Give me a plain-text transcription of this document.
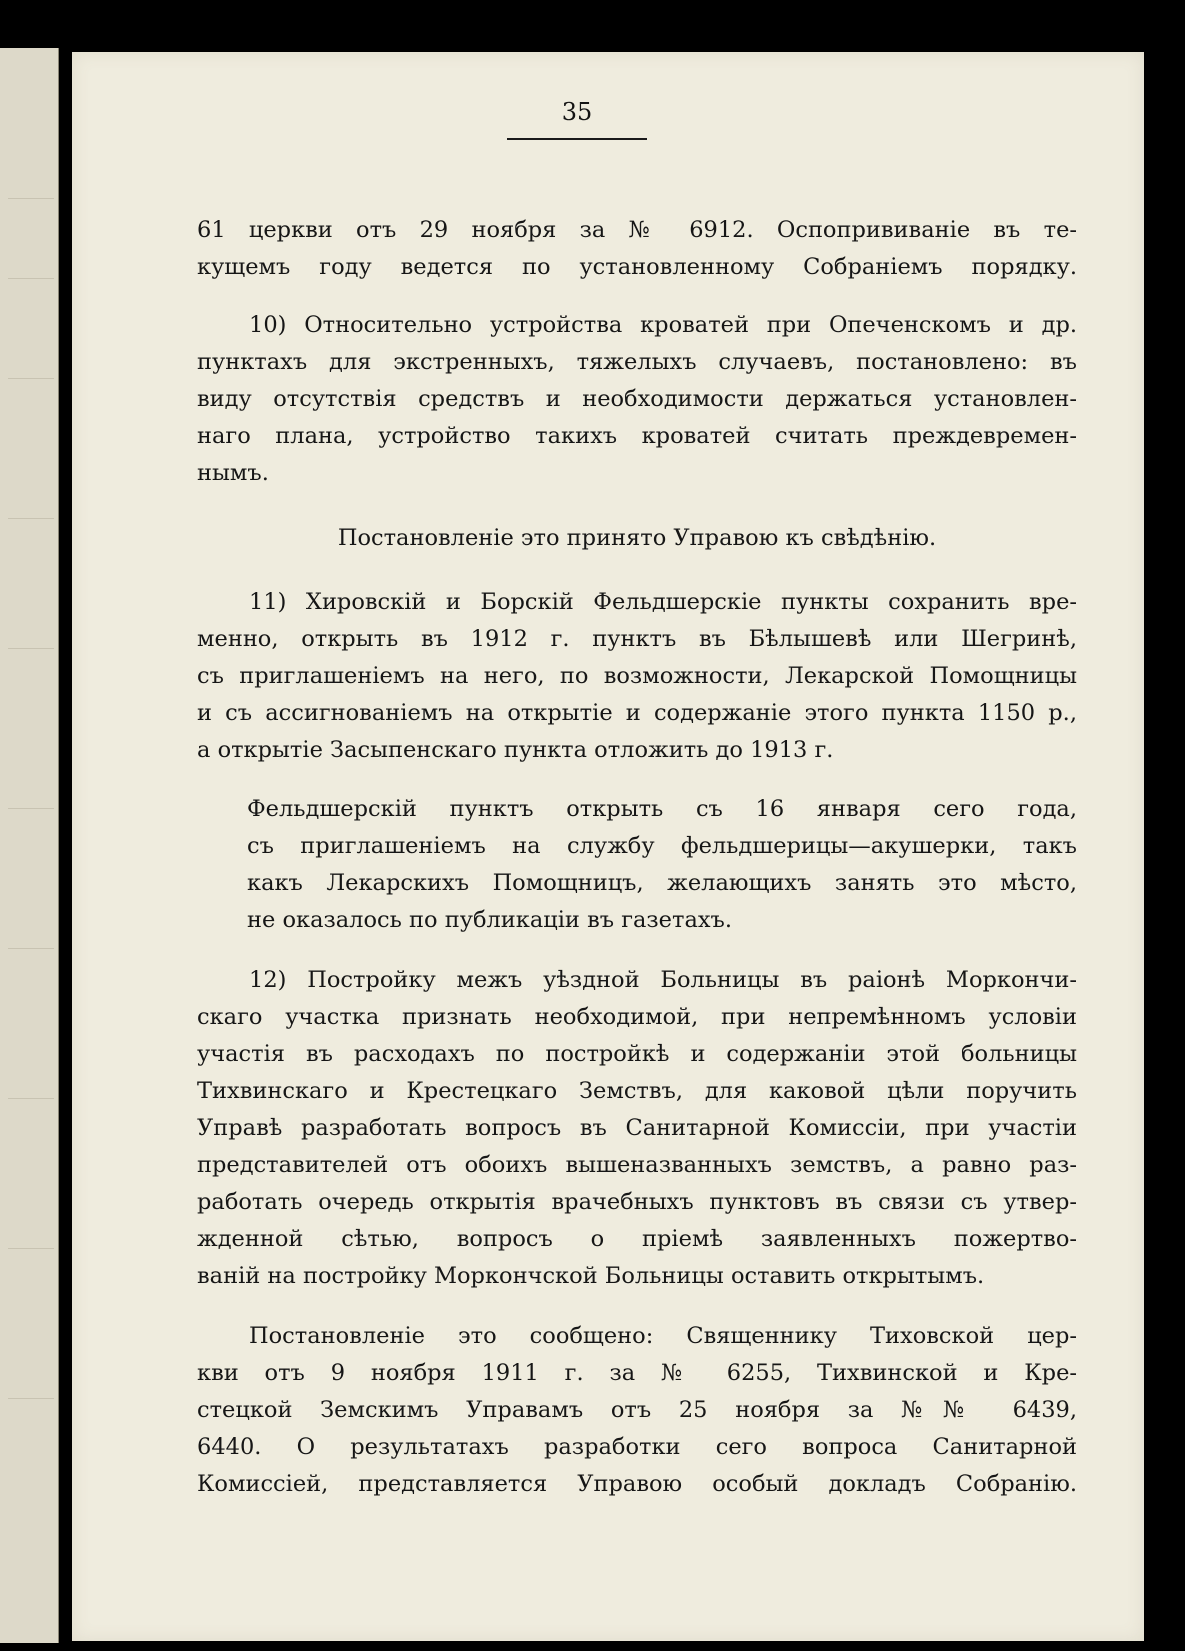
35
61 церкви отъ 29 ноября за № 6912. Оспопрививаніе въ те-
кущемъ году ведется по установленному Собраніемъ порядку.
10) Относительно устройства кроватей при Опеченскомъ и др.
пунктахъ для экстренныхъ, тяжелыхъ случаевъ, постановлено: въ
виду отсутствія средствъ и необходимости держаться установлен-
наго плана, устройство такихъ кроватей считать преждевремен-
нымъ.
Постановленіе это принято Управою къ свѣдѣнію.
11) Хировскій и Борскій Фельдшерскіе пункты сохранить вре-
менно, открыть въ 1912 г. пунктъ въ Бѣлышевѣ или Шегринѣ,
съ приглашеніемъ на него, по возможности, Лекарской Помощницы
и съ ассигнованіемъ на открытіе и содержаніе этого пункта 1150 р.,
а открытіе Засыпенскаго пункта отложить до 1913 г.
Фельдшерскій пунктъ открыть съ 16 января сего года,
съ приглашеніемъ на службу фельдшерицы—акушерки, такъ
какъ Лекарскихъ Помощницъ, желающихъ занять это мѣсто,
не оказалось по публикаціи въ газетахъ.
12) Постройку межъ уѣздной Больницы въ раіонѣ Моркончи-
скаго участка признать необходимой, при непремѣнномъ условіи
участія въ расходахъ по постройкѣ и содержаніи этой больницы
Тихвинскаго и Крестецкаго Земствъ, для каковой цѣли поручить
Управѣ разработать вопросъ въ Санитарной Комиссіи, при участіи
представителей отъ обоихъ вышеназванныхъ земствъ, а равно раз-
работать очередь открытія врачебныхъ пунктовъ въ связи съ утвер-
жденной сѣтью, вопросъ о пріемѣ заявленныхъ пожертво-
ваній на постройку Моркончской Больницы оставить открытымъ.
Постановленіе это сообщено: Священнику Тиховской цер-
кви отъ 9 ноября 1911 г. за № 6255, Тихвинской и Кре-
стецкой Земскимъ Управамъ отъ 25 ноября за №№ 6439,
6440. О результатахъ разработки сего вопроса Санитарной
Комиссіей, представляется Управою особый докладъ Собранію.
